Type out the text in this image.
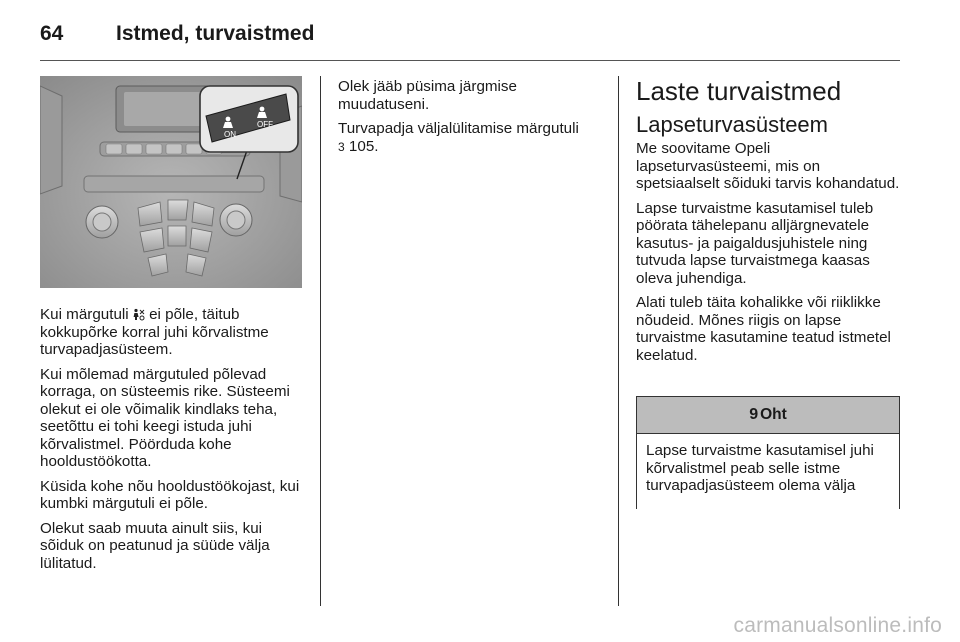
64	Istmed, turvaistmed
ON
OFF

Kui märgutuli ei põle, täitub kokkupõrke korral juhi kõrvalistme turvapadjasüsteem.

Kui mõlemad märgutuled põlevad korraga, on süsteemis rike. Süsteemi olekut ei ole võimalik kindlaks teha, seetõttu ei tohi keegi istuda juhi kõrvalistmel. Pöörduda kohe hooldustöökotta.

Küsida kohe nõu hooldustöökojast, kui kumbki märgutuli ei põle.

Olekut saab muuta ainult siis, kui sõiduk on peatunud ja süüde välja lülitatud.

Olek jääb püsima järgmise muudatuseni.

Turvapadja väljalülitamise märgutuli
3 105.

Laste turvaistmed
Lapseturvasüsteem

Me soovitame Opeli lapseturvasüsteemi, mis on spetsiaalselt sõiduki tarvis kohandatud.

Lapse turvaistme kasutamisel tuleb pöörata tähelepanu alljärgnevatele kasutus- ja paigaldusjuhistele ning tutvuda lapse turvaistmega kaasas oleva juhendiga.

Alati tuleb täita kohalikke või riiklikke nõudeid. Mõnes riigis on lapse turvaistme kasutamine teatud istmetel keelatud.

9 Oht
Lapse turvaistme kasutamisel juhi kõrvalistmel peab selle istme turvapadjasüsteem olema välja
carmanualsonline.info
